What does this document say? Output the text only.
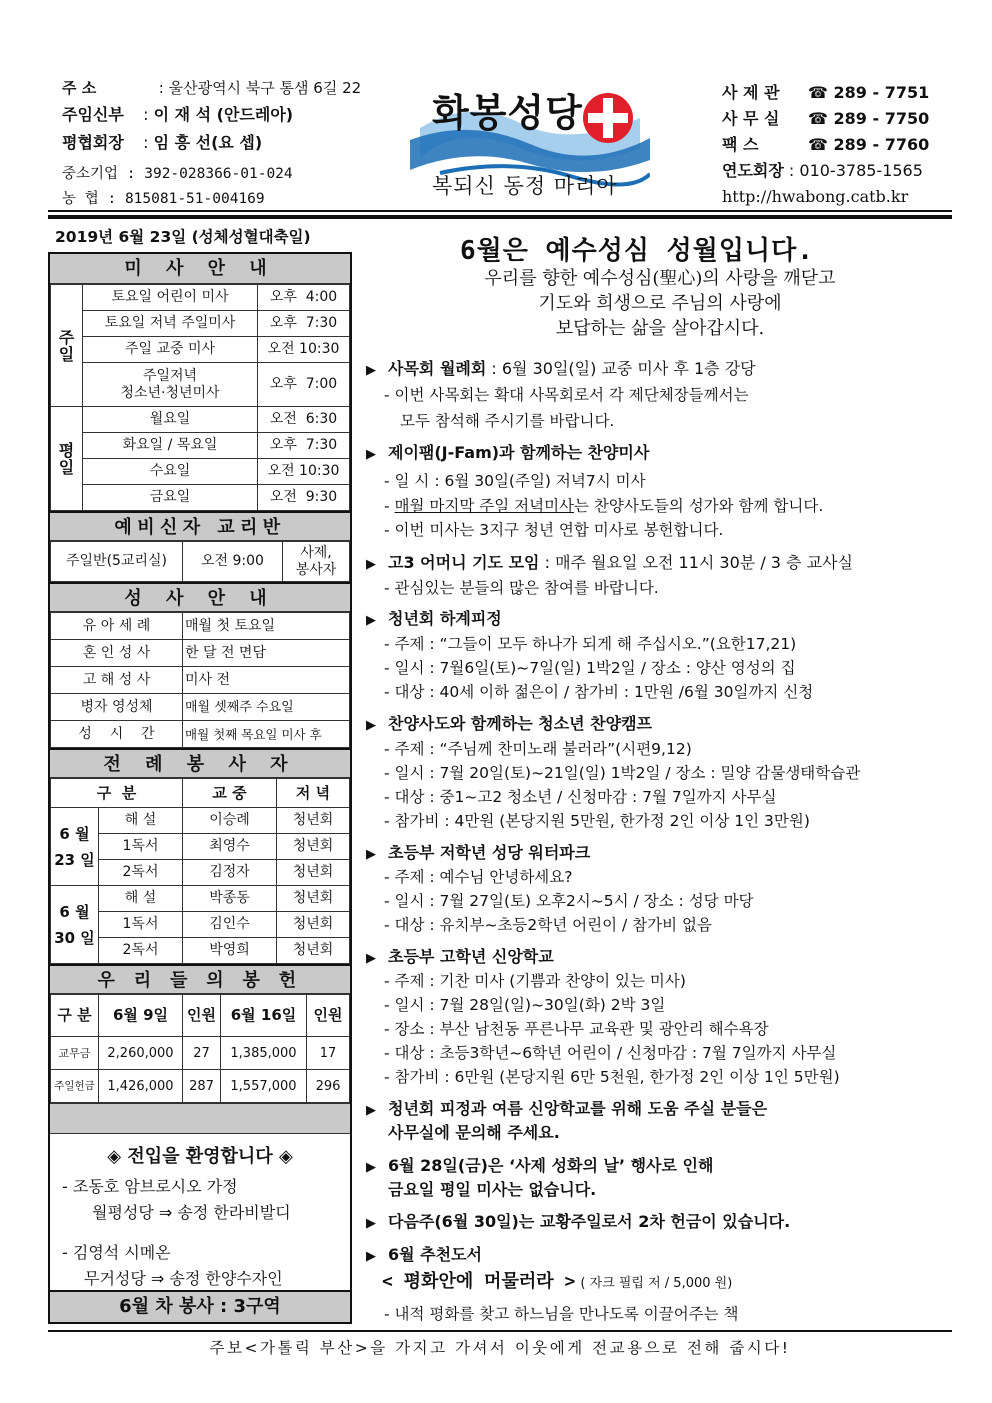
주 소	: 울산광역시 북구 통샘 6길 22
주임신부 : 이 재 석 (안드레아)
평협회장 : 임 흥 선(요 셉)
중소기업 : 392-028366-01-024
농 협 : 815081-51-004169
화봉성당
복되신 동정 마리아
사 제 관 ☎ 289 - 7751
사 무 실 ☎ 289 - 7750
팩 스	☎ 289 - 7760
연도회장 : 010-3785-1565
http://hwabong.catb.kr
2019년 6월 23일 (성체성혈대축일)
미 사 안 내
주
일	토요일 어린이 미사	오후  4:00
	토요일 저녁 주일미사	오후  7:30
	주일 교중 미사	오전 10:30
	주일저녁
청소년·청년미사	오후  7:00
평
일	월요일	오전  6:30
	화요일 / 목요일	오후  7:30
	수요일	오전 10:30
	금요일	오전  9:30
예비신자 교리반
주일반(5교리실)	오전 9:00	사제,
봉사자
성 사 안 내
유 아 세 례	매월 첫 토요일
혼 인 성 사	한 달 전 면담
고 해 성 사	미사 전
병자 영성체	매월 셋째주 수요일
성    시    간	매월 첫째 목요일 미사 후
전 례 봉 사 자
구  분		교 중	저 녁
6 월
23 일	해 설	이승례	청년회
	1독서	최영수	청년회
	2독서	김정자	청년회
6 월
30 일	해 설	박종동	청년회
	1독서	김인수	청년회
	2독서	박영희	청년회
우 리 들 의 봉 헌
구 분	6월 9일	인원	6월 16일	인원
교무금	2,260,000	27	1,385,000	17
주일헌금	1,426,000	287	1,557,000	296
◈ 전입을 환영합니다 ◈
- 조동호 암브로시오 가정
월평성당 ⇒ 송정 한라비발디
- 김영석 시메온
무거성당 ⇒ 송정 한양수자인
6월 차 봉사 : 3구역
6월은 예수성심 성월입니다.
우리를 향한 예수성심(聖心)의 사랑을 깨닫고
기도와 희생으로 주님의 사랑에
보답하는 삶을 살아갑시다.
▶ 사목회 월례회 : 6월 30일(일) 교중 미사 후 1층 강당
- 이번 사목회는 확대 사목회로서 각 제단체장들께서는
모두 참석해 주시기를 바랍니다.
▶ 제이팸(J-Fam)과 함께하는 찬양미사
- 일 시 : 6월 30일(주일) 저녁7시 미사
- 매월 마지막 주일 저녁미사는 찬양사도들의 성가와 함께 합니다.
- 이번 미사는 3지구 청년 연합 미사로 봉헌합니다.
▶ 고3 어머니 기도 모임 : 매주 월요일 오전 11시 30분 / 3 층 교사실
- 관심있는 분들의 많은 참여를 바랍니다.
▶ 청년회 하계피정
- 주제 : “그들이 모두 하나가 되게 해 주십시오.”(요한17,21)
- 일시 : 7월6일(토)~7일(일) 1박2일 / 장소 : 양산 영성의 집
- 대상 : 40세 이하 젊은이 / 참가비 : 1만원 /6월 30일까지 신청
▶ 찬양사도와 함께하는 청소년 찬양캠프
- 주제 : “주님께 찬미노래 불러라”(시편9,12)
- 일시 : 7월 20일(토)~21일(일) 1박2일 / 장소 : 밀양 감물생태학습관
- 대상 : 중1~고2 청소년 / 신청마감 : 7월 7일까지 사무실
- 참가비 : 4만원 (본당지원 5만원, 한가정 2인 이상 1인 3만원)
▶ 초등부 저학년 성당 워터파크
- 주제 : 예수님 안녕하세요?
- 일시 : 7월 27일(토) 오후2시~5시 / 장소 : 성당 마당
- 대상 : 유치부~초등2학년 어린이 / 참가비 없음
▶ 초등부 고학년 신앙학교
- 주제 : 기찬 미사 (기쁨과 찬양이 있는 미사)
- 일시 : 7월 28일(일)~30일(화) 2박 3일
- 장소 : 부산 남천동 푸른나무 교육관 및 광안리 해수욕장
- 대상 : 초등3학년~6학년 어린이 / 신청마감 : 7월 7일까지 사무실
- 참가비 : 6만원 (본당지원 6만 5천원, 한가정 2인 이상 1인 5만원)
▶ 청년회 피정과 여름 신앙학교를 위해 도움 주실 분들은
사무실에 문의해 주세요.
▶ 6월 28일(금)은 ‘사제 성화의 날’ 행사로 인해
금요일 평일 미사는 없습니다.
▶ 다음주(6월 30일)는 교황주일로서 2차 헌금이 있습니다.
▶ 6월 추천도서
< 평화안에 머물러라 > ( 자크 필립 저 / 5,000 원)
- 내적 평화를 찾고 하느님을 만나도록 이끌어주는 책
주보<가톨릭 부산>을 가지고 가셔서 이웃에게 전교용으로 전해 줍시다!
